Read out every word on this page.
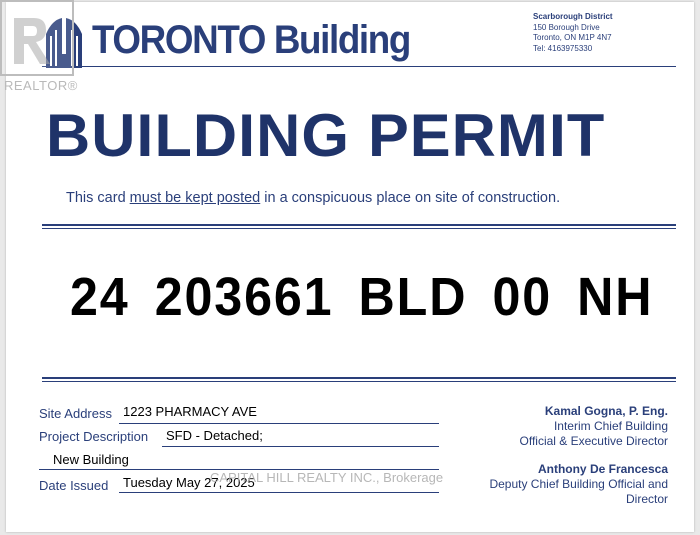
TORONTO Building
Scarborough District
150 Borough Drive
Toronto, ON M1P 4N7
Tel: 4163975330
BUILDING PERMIT
This card must be kept posted in a conspicuous place on site of construction.
24 203661 BLD 00 NH
Site Address 1223 PHARMACY AVE
Project Description SFD - Detached;
New Building
Date Issued Tuesday May 27, 2025
Kamal Gogna, P. Eng.
Interim Chief Building
Official & Executive Director
Anthony De Francesca
Deputy Chief Building Official and
Director
CAPITAL HILL REALTY INC., Brokerage
REALTOR®
